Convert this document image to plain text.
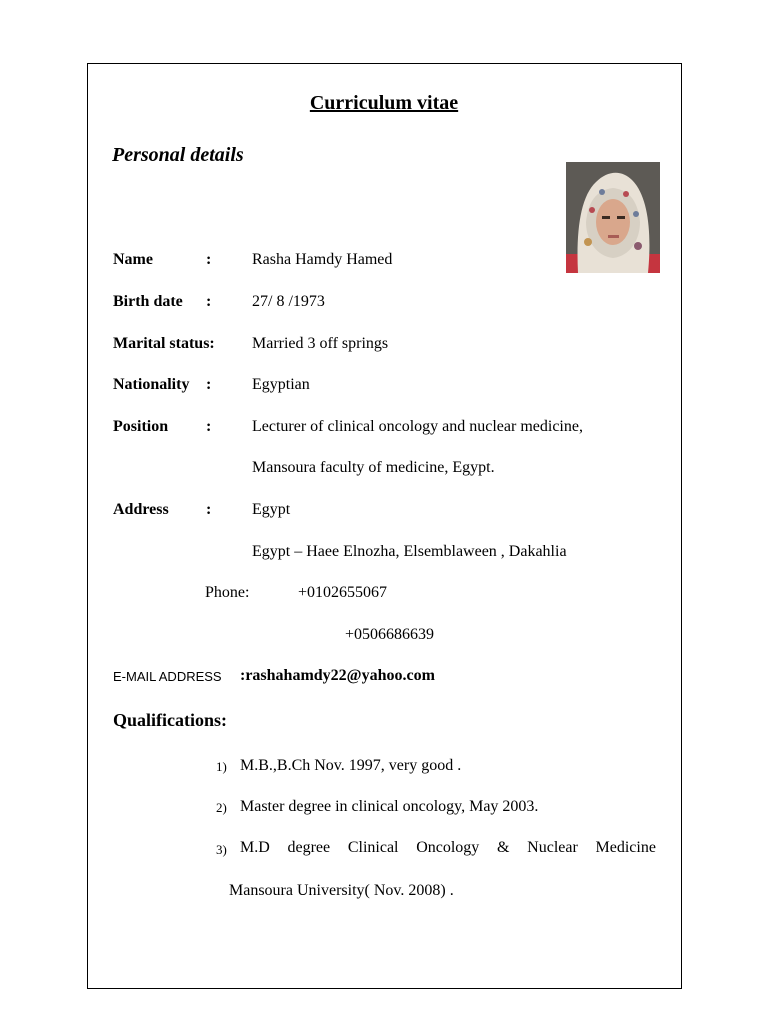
Curriculum vitae
Personal details
Name	:	Rasha Hamdy Hamed
Birth date :	27/ 8 /1973
Marital status: Married 3 off springs
Nationality :	Egyptian
Position :	Lecturer of clinical oncology and nuclear medicine,
Mansoura faculty of medicine, Egypt.
Address :	Egypt
Egypt – Haee Elnozha, Elsemblaween , Dakahlia
Phone:	+0102655067
+0506686639
E-MAIL ADDRESS :rashahamdy22@yahoo.com
Qualifications:
1) M.B.,B.Ch Nov. 1997, very good .
2) Master degree in clinical oncology, May 2003.
3) M.D degree Clinical Oncology & Nuclear Medicine
Mansoura University( Nov. 2008) .
